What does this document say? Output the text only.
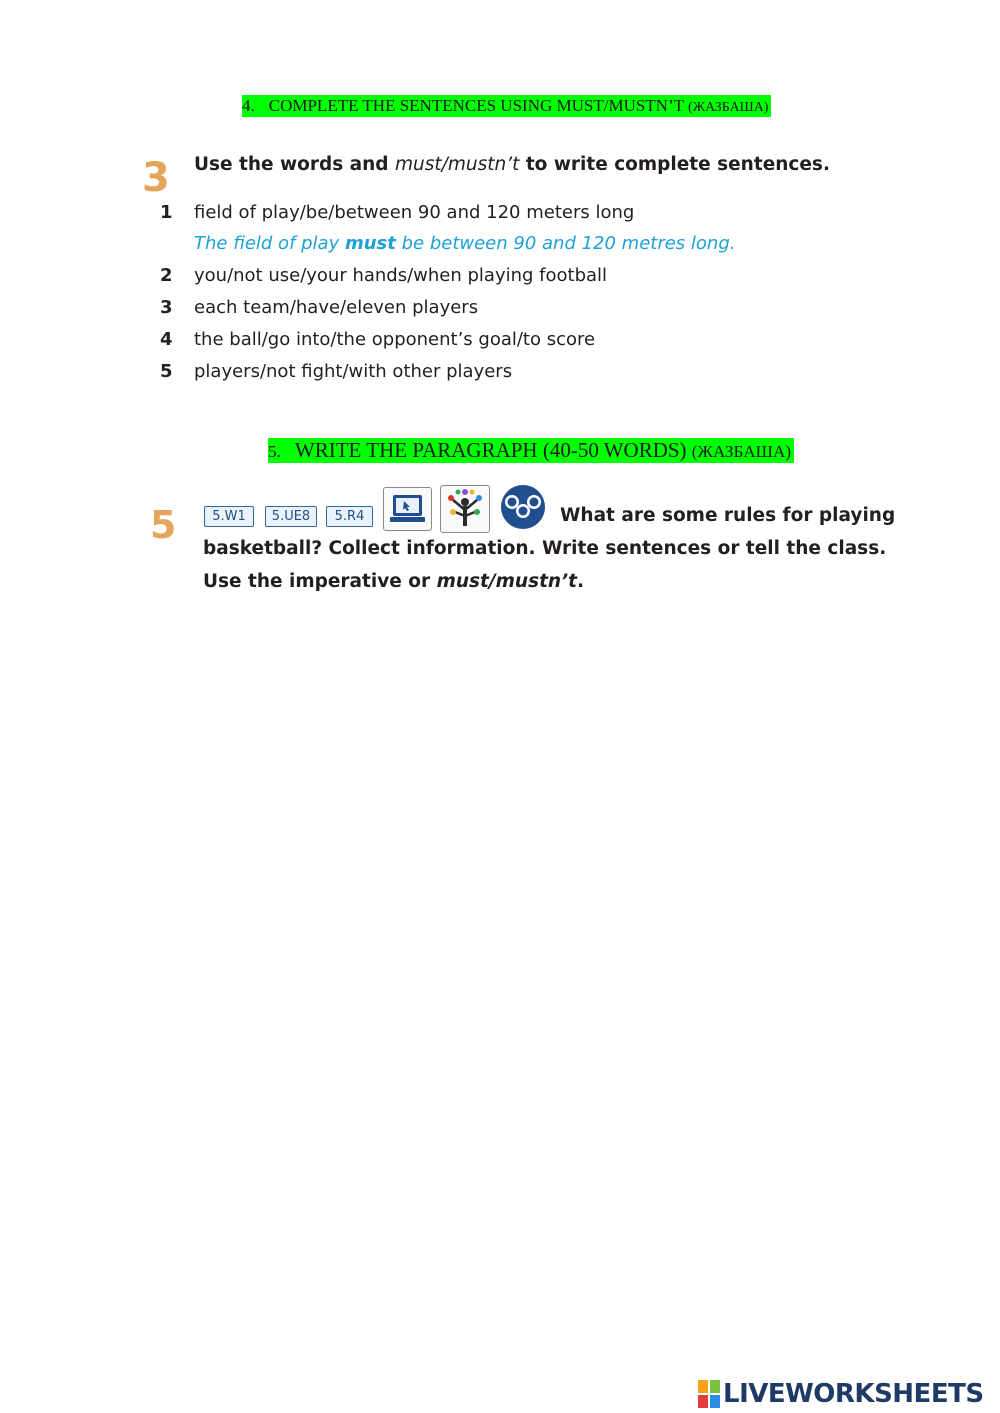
4. COMPLETE THE SENTENCES USING MUST/MUSTN’T (ЖАЗБАША)
3 Use the words and must/mustn’t to write complete sentences.
1 field of play/be/between 90 and 120 meters long
The field of play must be between 90 and 120 metres long.
2 you/not use/your hands/when playing football
3 each team/have/eleven players
4 the ball/go into/the opponent’s goal/to score
5 players/not fight/with other players
5. WRITE THE PARAGRAPH (40-50 WORDS) (ЖАЗБАША)
5	5.W1	5.UE8	5.R4	What are some rules for playing
basketball? Collect information. Write sentences or tell the class.
Use the imperative or must/mustn’t.
LIVEWORKSHEETS
